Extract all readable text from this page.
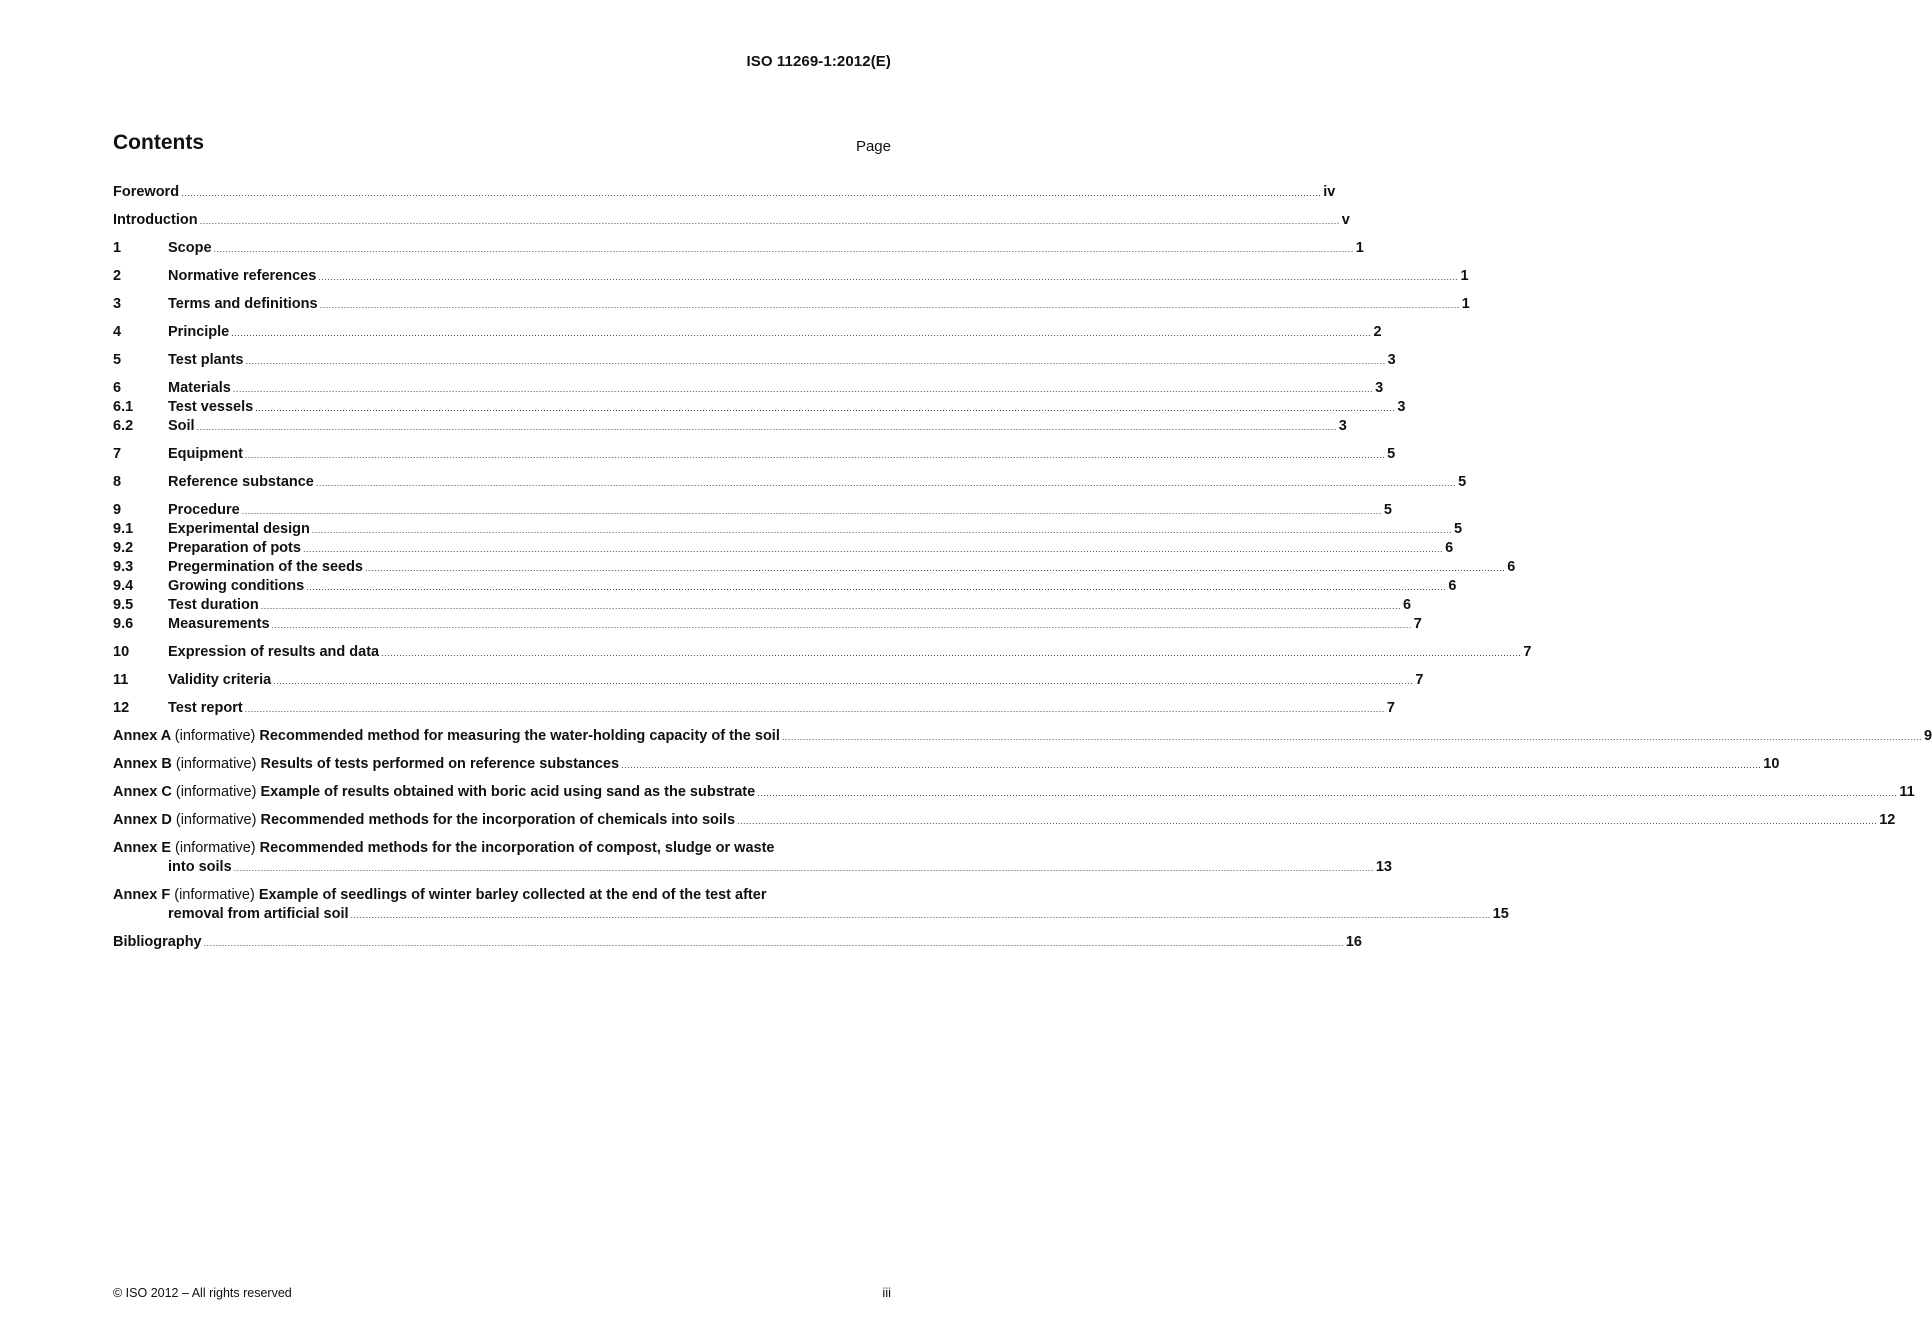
ISO 11269-1:2012(E)
Contents	Page
Foreword .....	iv
Introduction .....	v
1	Scope .....	1
2	Normative references .....	1
3	Terms and definitions .....	1
4	Principle .....	2
5	Test plants .....	3
6	Materials .....	3
6.1	Test vessels .....	3
6.2	Soil .....	3
7	Equipment .....	5
8	Reference substance .....	5
9	Procedure .....	5
9.1	Experimental design .....	5
9.2	Preparation of pots .....	6
9.3	Pregermination of the seeds .....	6
9.4	Growing conditions .....	6
9.5	Test duration .....	6
9.6	Measurements .....	7
10	Expression of results and data .....	7
11	Validity criteria .....	7
12	Test report .....	7
Annex A (informative) Recommended method for measuring the water-holding capacity of the soil .....	9
Annex B (informative) Results of tests performed on reference substances .....	10
Annex C (informative) Example of results obtained with boric acid using sand as the substrate .....	11
Annex D (informative) Recommended methods for the incorporation of chemicals into soils .....	12
Annex E (informative) Recommended methods for the incorporation of compost, sludge or waste
into soils .....	13
Annex F (informative) Example of seedlings of winter barley collected at the end of the test after
removal from artificial soil .....	15
Bibliography .....	16
© ISO 2012 – All rights reserved	iii
